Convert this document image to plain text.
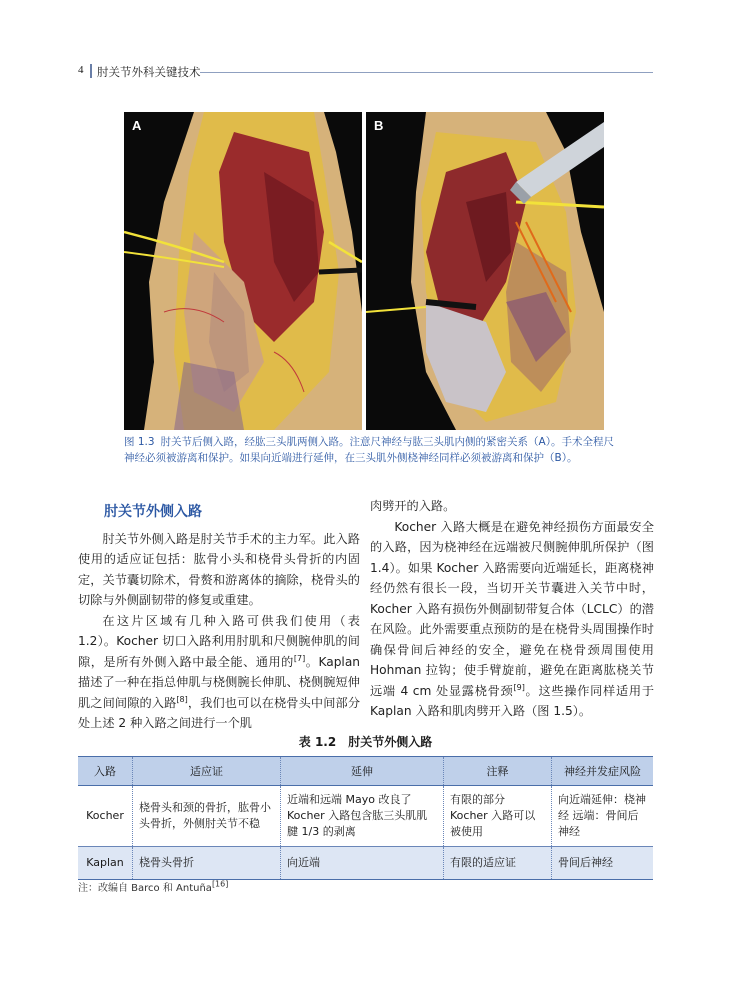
4 肘关节外科关键技术
A	B
图 1.3 肘关节后侧入路，经肱三头肌两侧入路。注意尺神经与肱三头肌内侧的紧密关系（A）。手术全程尺神经必须被游离和保护。如果向近端进行延伸，在三头肌外侧桡神经同样必须被游离和保护（B）。
肘关节外侧入路

肘关节外侧入路是肘关节手术的主力军。此入路使用的适应证包括：肱骨小头和桡骨头骨折的内固定，关节囊切除术，骨赘和游离体的摘除，桡骨头的切除与外侧副韧带的修复或重建。

在这片区域有几种入路可供我们使用（表 1.2）。Kocher 切口入路利用肘肌和尺侧腕伸肌的间隙，是所有外侧入路中最全能、通用的[7]。Kaplan 描述了一种在指总伸肌与桡侧腕长伸肌、桡侧腕短伸肌之间间隙的入路[8]，我们也可以在桡骨头中间部分处上述 2 种入路之间进行一个肌

肉劈开的入路。

Kocher 入路大概是在避免神经损伤方面最安全的入路，因为桡神经在远端被尺侧腕伸肌所保护（图 1.4）。如果 Kocher 入路需要向近端延长，距离桡神经仍然有很长一段，当切开关节囊进入关节中时，Kocher 入路有损伤外侧副韧带复合体（LCLC）的潜在风险。此外需要重点预防的是在桡骨头周围操作时确保骨间后神经的安全，避免在桡骨颈周围使用 Hohman 拉钩；使手臂旋前，避免在距离肱桡关节远端 4 cm 处显露桡骨颈[9]。这些操作同样适用于 Kaplan 入路和肌肉劈开入路（图 1.5）。

表 1.2　肘关节外侧入路
入路	适应证	延伸	注释	神经并发症风险
Kocher	桡骨头和颈的骨折，肱骨小头骨折，外侧肘关节不稳	近端和远端 Mayo 改良了 Kocher 入路包含肱三头肌肌腱 1/3 的剥离	有限的部分 Kocher 入路可以被使用	向近端延伸：桡神经 远端：骨间后神经
Kaplan	桡骨头骨折	向近端	有限的适应证	骨间后神经
注：改编自 Barco 和 Antuña[16]
